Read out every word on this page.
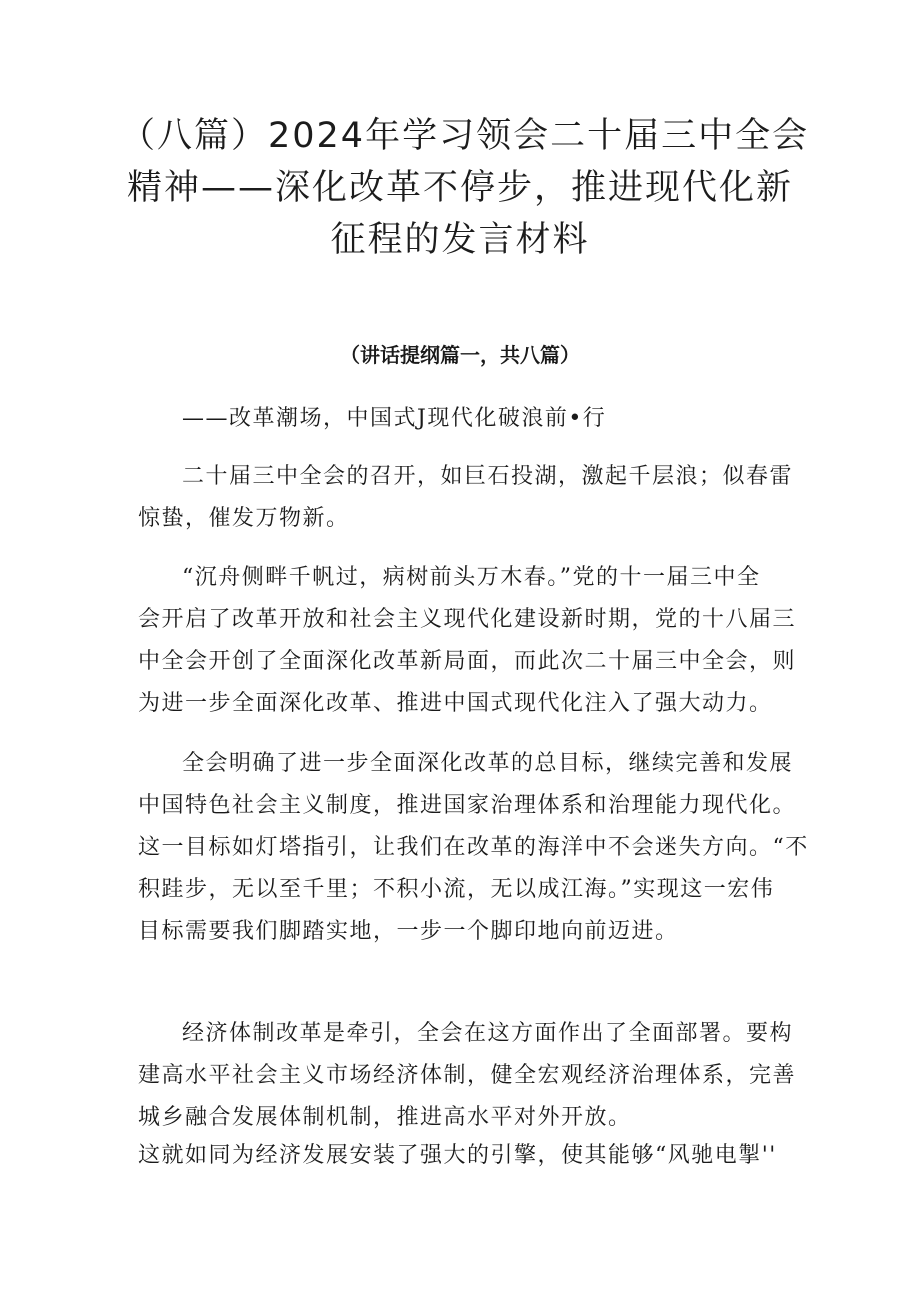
（八篇）2024年学习领会二十届三中全会
精神——深化改革不停步，推进现代化新
征程的发言材料

（讲话提纲篇一，共八篇）

——改革潮场，中国式J现代化破浪前•行

二十届三中全会的召开，如巨石投湖，激起千层浪；似春雷
惊蛰，催发万物新。

“沉舟侧畔千帆过，病树前头万木春。”党的十一届三中全
会开启了改革开放和社会主义现代化建设新时期，党的十八届三
中全会开创了全面深化改革新局面，而此次二十届三中全会，则
为进一步全面深化改革、推进中国式现代化注入了强大动力。

全会明确了进一步全面深化改革的总目标，继续完善和发展
中国特色社会主义制度，推进国家治理体系和治理能力现代化。
这一目标如灯塔指引，让我们在改革的海洋中不会迷失方向。“不
积跬步，无以至千里；不积小流，无以成江海。”实现这一宏伟
目标需要我们脚踏实地，一步一个脚印地向前迈进。

经济体制改革是牵引，全会在这方面作出了全面部署。要构
建高水平社会主义市场经济体制，健全宏观经济治理体系，完善
城乡融合发展体制机制，推进高水平对外开放。

这就如同为经济发展安装了强大的引擎，使其能够“风驰电掣''
